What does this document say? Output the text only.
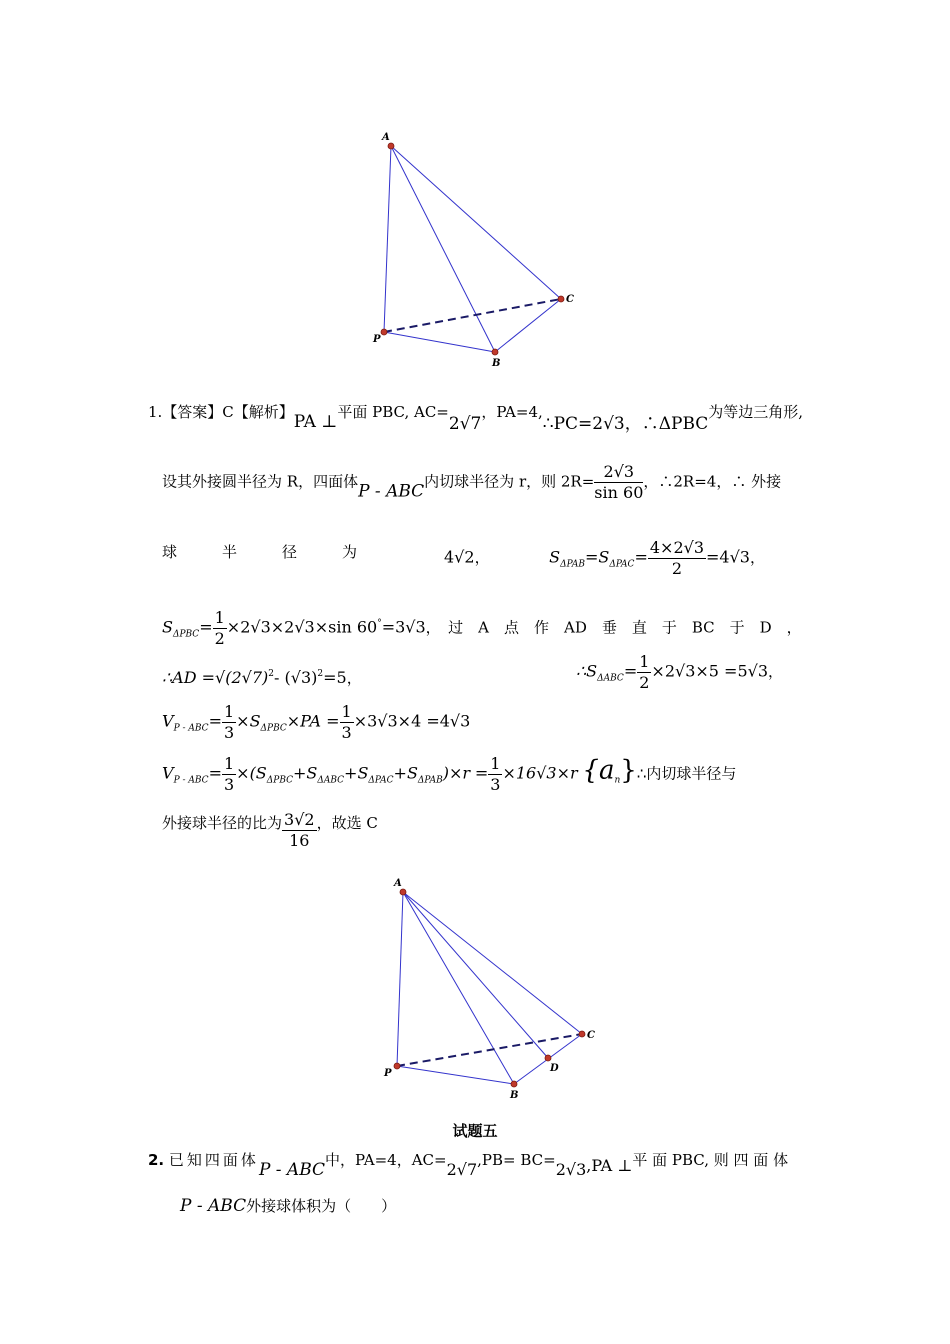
A
P
B
C
1.【答案】C【解析】PA ⊥平面 PBC, AC=2√7，PA=4,∴PC=2√3，∴ΔPBC为等边三角形,
设其外接圆半径为 R，四面体P - ABC内切球半径为 r，则 $2R= \frac{2√3}{\sin 60}$ ，∴2R=4，∴ 外接
球　　　半　　　径　　　为	4√2，	$S_{\Delta PAB}=S_{\Delta PAC}= \frac{4\times 2√3}{2} =4√3$，
$S_{\Delta PBC}= \frac{1}{2} \times 2√3\times 2√3\times\sin$ 60°=3√3，　过　A　点　作　AD　垂　直　于　BC　于　D　，
∴AD $=√(2√7)^2-$ $(√3)^2=5$，	$\therefore S_{\Delta ABC}= \frac{1}{2} \times 2√3\times 5 =5√3$，
$V_{P - ABC}= \frac{1}{3} \times S_{\Delta PBC}\times PA = \frac{1}{3} \times 3√3\times 4 =4√3$
$V_{P - ABC}= \frac{1}{3} \times(S_{\Delta PBC}+S_{\Delta ABC}+S_{\Delta PAC}+S_{\Delta PAB})\times r = \frac{1}{3} \times 16√3\times r$ $\{a_n\}\therefore$内切球半径与
外接球半径的比为 $\frac{3√2}{16}$ ，故选 C
A
P
B
C
D
试题五
2. 已知四面体P - ABC中，PA=4，AC=2√7,PB= BC=2√3,PA ⊥平 面 PBC, 则 四 面 体
P - ABC外接球体积为（　　）
